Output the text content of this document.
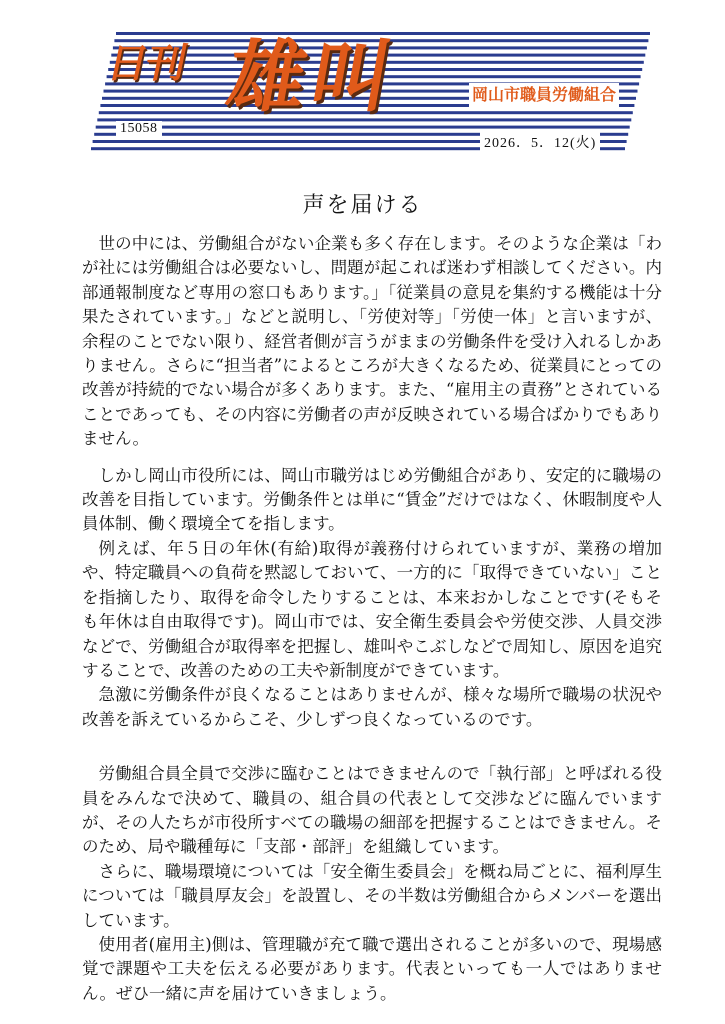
日刊 雄叫	岡山市職員労働組合
15058
2026．5．12(火)
声を届ける

世の中には、労働組合がない企業も多く存在します。そのような企業は「わが社には労働組合は必要ないし、問題が起これば迷わず相談してください。内部通報制度など専用の窓口もあります。」「従業員の意見を集約する機能は十分果たされています。」などと説明し、「労使対等」「労使一体」と言いますが、余程のことでない限り、経営者側が言うがままの労働条件を受け入れるしかありません。さらに“担当者”によるところが大きくなるため、従業員にとっての改善が持続的でない場合が多くあります。また、“雇用主の責務”とされていることであっても、その内容に労働者の声が反映されている場合ばかりでもありません。

しかし岡山市役所には、岡山市職労はじめ労働組合があり、安定的に職場の改善を目指しています。労働条件とは単に“賃金”だけではなく、休暇制度や人員体制、働く環境全てを指します。

例えば、年５日の年休(有給)取得が義務付けられていますが、業務の増加や、特定職員への負荷を黙認しておいて、一方的に「取得できていない」ことを指摘したり、取得を命令したりすることは、本来おかしなことです(そもそも年休は自由取得です)。岡山市では、安全衛生委員会や労使交渉、人員交渉などで、労働組合が取得率を把握し、雄叫やこぶしなどで周知し、原因を追究することで、改善のための工夫や新制度ができています。

急激に労働条件が良くなることはありませんが、様々な場所で職場の状況や改善を訴えているからこそ、少しずつ良くなっているのです。

労働組合員全員で交渉に臨むことはできませんので「執行部」と呼ばれる役員をみんなで決めて、職員の、組合員の代表として交渉などに臨んでいますが、その人たちが市役所すべての職場の細部を把握することはできません。そのため、局や職種毎に「支部・部評」を組織しています。

さらに、職場環境については「安全衛生委員会」を概ね局ごとに、福利厚生については「職員厚友会」を設置し、その半数は労働組合からメンバーを選出しています。

使用者(雇用主)側は、管理職が充て職で選出されることが多いので、現場感覚で課題や工夫を伝える必要があります。代表といっても一人ではありません。ぜひ一緒に声を届けていきましょう。
